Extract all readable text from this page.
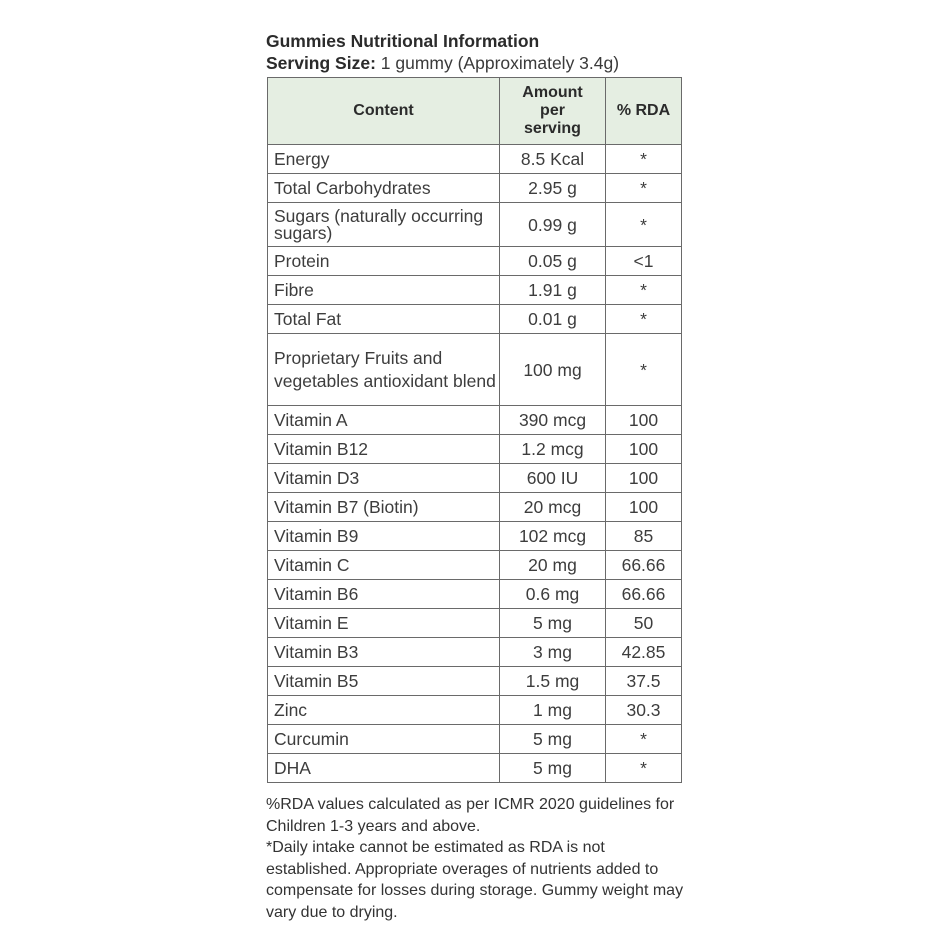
Gummies Nutritional Information

Serving Size: 1 gummy (Approximately 3.4g)

Content	Amount per serving	% RDA
Energy	8.5 Kcal	*
Total Carbohydrates	2.95 g	*
Sugars (naturally occurring sugars)	0.99 g	*
Protein	0.05 g	<1
Fibre	1.91 g	*
Total Fat	0.01 g	*
Proprietary Fruits and vegetables antioxidant blend	100 mg	*
Vitamin A	390 mcg	100
Vitamin B12	1.2 mcg	100
Vitamin D3	600 IU	100
Vitamin B7 (Biotin)	20 mcg	100
Vitamin B9	102 mcg	85
Vitamin C	20 mg	66.66
Vitamin B6	0.6 mg	66.66
Vitamin E	5 mg	50
Vitamin B3	3 mg	42.85
Vitamin B5	1.5 mg	37.5
Zinc	1 mg	30.3
Curcumin	5 mg	*
DHA	5 mg	*

%RDA values calculated as per ICMR 2020 guidelines for Children 1-3 years and above.

*Daily intake cannot be estimated as RDA is not established. Appropriate overages of nutrients added to compensate for losses during storage. Gummy weight may vary due to drying.
